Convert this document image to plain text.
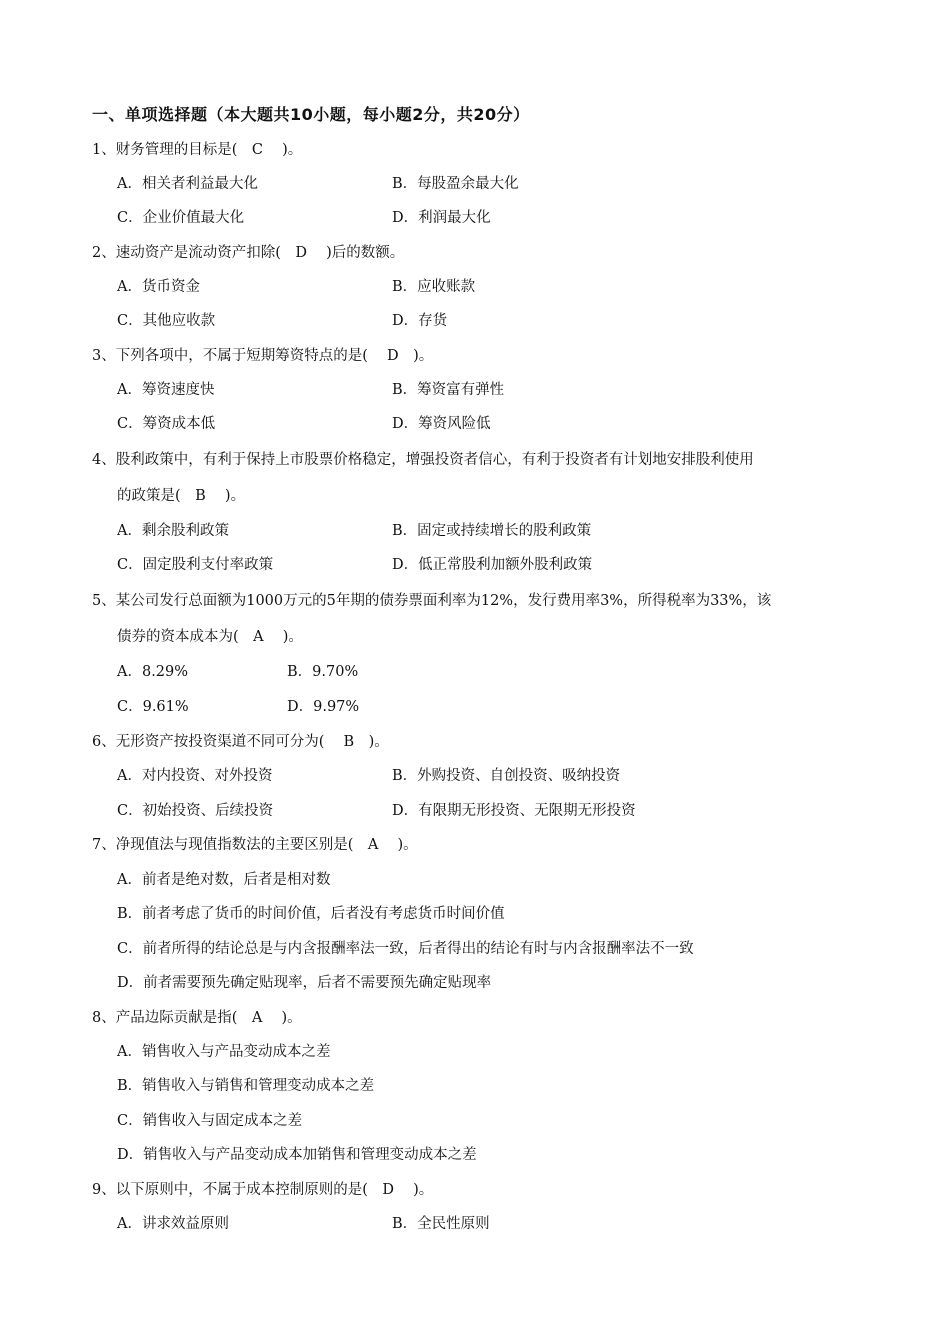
一、单项选择题（本大题共10小题，每小题2分，共20分）
1、财务管理的目标是(　C　 )。
A．相关者利益最大化	B．每股盈余最大化
C．企业价值最大化	D．利润最大化
2、速动资产是流动资产扣除(　D　 )后的数额。
A．货币资金	B．应收账款
C．其他应收款	D．存货
3、下列各项中，不属于短期筹资特点的是(　 D　)。
A．筹资速度快	B．筹资富有弹性
C．筹资成本低	D．筹资风险低
4、股利政策中，有利于保持上市股票价格稳定，增强投资者信心，有利于投资者有计划地安排股利使用
的政策是(　B　 )。
A．剩余股利政策	B．固定或持续增长的股利政策
C．固定股利支付率政策	D．低正常股利加额外股利政策
5、某公司发行总面额为1000万元的5年期的债券票面利率为12%，发行费用率3%，所得税率为33%，该
债券的资本成本为(　A　 )。
A．8.29%	B．9.70%
C．9.61%	D．9.97%
6、无形资产按投资渠道不同可分为(　 B　)。
A．对内投资、对外投资	B．外购投资、自创投资、吸纳投资
C．初始投资、后续投资	D．有限期无形投资、无限期无形投资
7、净现值法与现值指数法的主要区别是(　A　 )。
A．前者是绝对数，后者是相对数
B．前者考虑了货币的时间价值，后者没有考虑货币时间价值
C．前者所得的结论总是与内含报酬率法一致，后者得出的结论有时与内含报酬率法不一致
D．前者需要预先确定贴现率，后者不需要预先确定贴现率
8、产品边际贡献是指(　A　 )。
A．销售收入与产品变动成本之差
B．销售收入与销售和管理变动成本之差
C．销售收入与固定成本之差
D．销售收入与产品变动成本加销售和管理变动成本之差
9、以下原则中，不属于成本控制原则的是(　D　 )。
A．讲求效益原则	B．全民性原则
